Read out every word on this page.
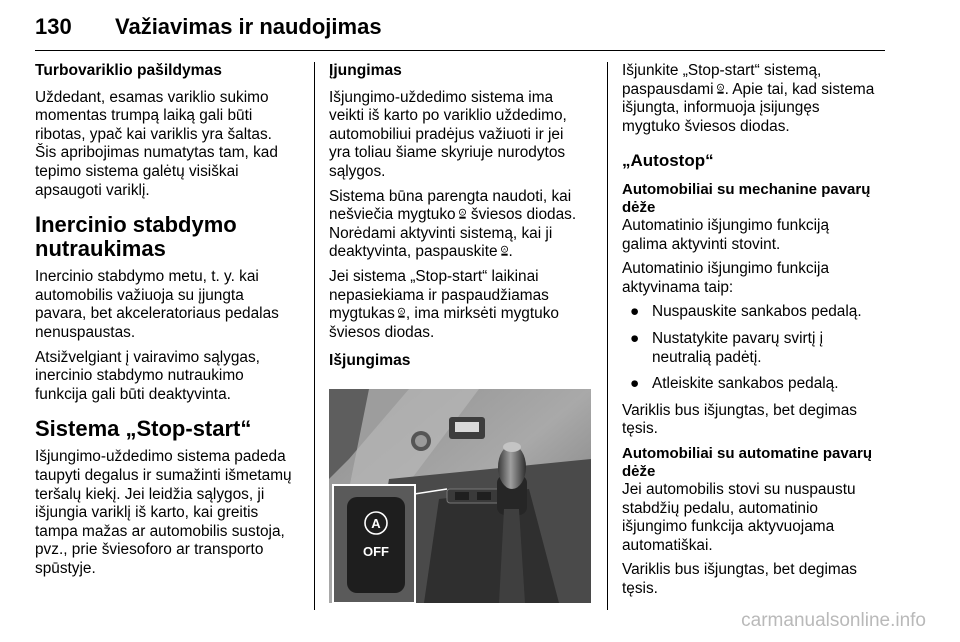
130 Važiavimas ir naudojimas
Turbovarikliо pašildymas

Uždedant, esamas variklio sukimo
momentas trumpą laiką gali būti
ribotas, ypač kai variklis yra šaltas.
Šis apribojimas numatytas tam, kad
tepimo sistema galėtų visiškai
apsaugoti variklį.

Inercinio stabdymo
nutraukimas

Inercinio stabdymo metu, t. y. kai
automobilis važiuoja su įjungta
pavara, bet akceleratoriaus pedalas
nenuspaustas.

Atsižvelgiant į vairavimo sąlygas,
inercinio stabdymo nutraukimo
funkcija gali būti deaktyvinta.

Sistema „Stop-start“

Išjungimo-uždedimo sistema padeda
taupyti degalus ir sumažinti išmetamų
teršalų kiekį. Jei leidžia sąlygos, ji
išjungia variklį iš karto, kai greitis
tampa mažas ar automobilis sustoja,
pvz., prie šviesoforo ar transporto
spūstyje.

Įjungimas

Išjungimo-uždedimo sistema ima
veikti iš karto po variklio uždedimo,
automobiliui pradėjus važiuoti ir jei
yra toliau šiame skyriuje nurodytos
sąlygos.

Sistema būna parengta naudoti, kai
nešviečia mygtuko A šviesos diodas.
Norėdami aktyvinti sistemą, kai ji
deaktyvinta, paspauskite A .

Jei sistema „Stop-start“ laikinai
nepasiekiama ir paspaudžiamas
mygtukas A , ima mirksėti mygtuko
šviesos diodas.

Išjungimas
A
OFF

Išjunkite „Stop-start“ sistemą,
paspausdami A . Apie tai, kad sistema
išjungta, informuoja įsijungęs
mygtuko šviesos diodas.

„Autostop“
Automobiliai su mechanine pavarų
dėže

Automatinio išjungimo funkciją
galima aktyvinti stovint.

Automatinio išjungimo funkcija
aktyvinama taip:

● Nuspauskite sankabos pedalą.
● Nustatykite pavarų svirtį į
neutralią padėtį.
● Atleiskite sankabos pedalą.

Variklis bus išjungtas, bet degimas
tęsis.

Automobiliai su automatine pavarų
dėže

Jei automobilis stovi su nuspaustu
stabdžių pedalu, automatinio
išjungimo funkcija aktyvuojama
automatiškai.

Variklis bus išjungtas, bet degimas
tęsis.

carmanualsonline.info
